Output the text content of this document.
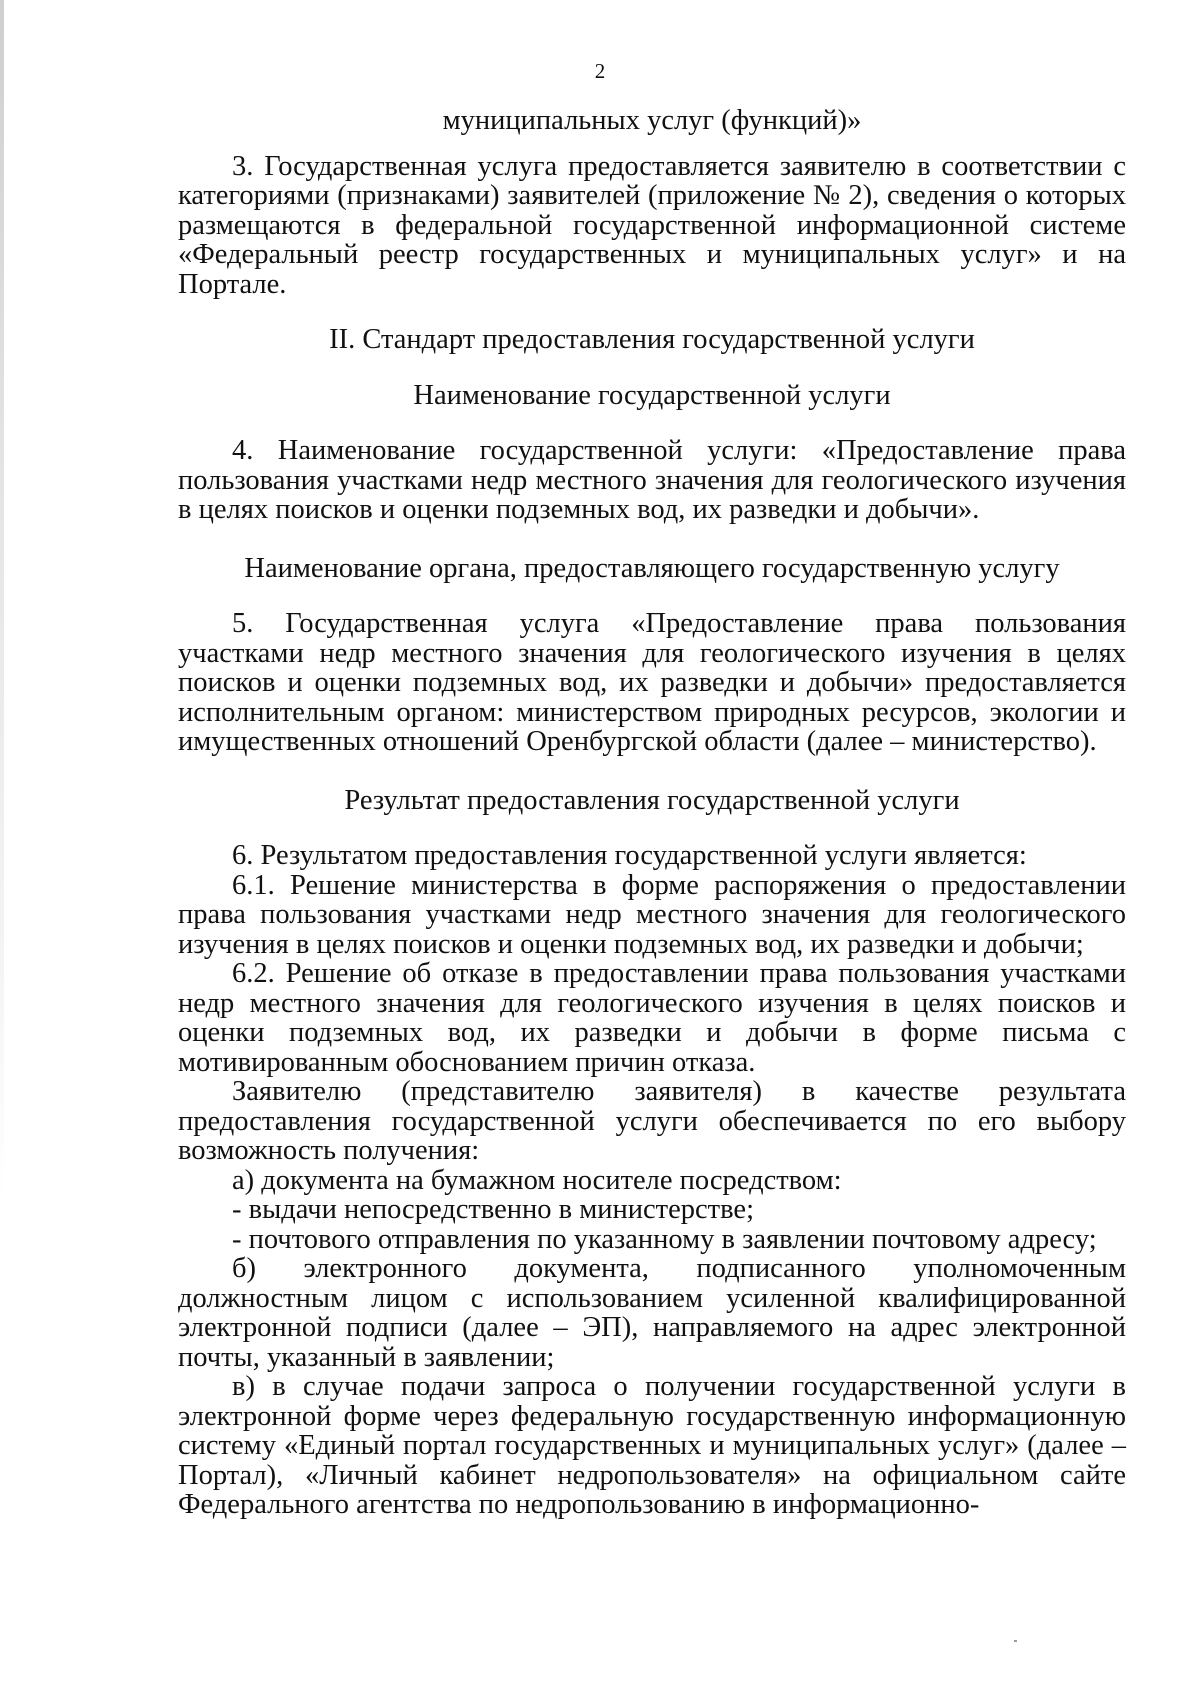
2

муниципальных услуг (функций)»

3. Государственная услуга предоставляется заявителю в соответствии с категориями (признаками) заявителей (приложение № 2), сведения о которых размещаются в федеральной государственной информационной системе «Федеральный реестр государственных и муниципальных услуг» и на Портале.

II. Стандарт предоставления государственной услуги

Наименование государственной услуги

4. Наименование государственной услуги: «Предоставление права пользования участками недр местного значения для геологического изучения в целях поисков и оценки подземных вод, их разведки и добычи».

Наименование органа, предоставляющего государственную услугу

5. Государственная услуга «Предоставление права пользования участками недр местного значения для геологического изучения в целях поисков и оценки подземных вод, их разведки и добычи» предоставляется исполнительным органом: министерством природных ресурсов, экологии и имущественных отношений Оренбургской области (далее – министерство).

Результат предоставления государственной услуги

6. Результатом предоставления государственной услуги является:

6.1. Решение министерства в форме распоряжения о предоставлении права пользования участками недр местного значения для геологического изучения в целях поисков и оценки подземных вод, их разведки и добычи;

6.2. Решение об отказе в предоставлении права пользования участками недр местного значения для геологического изучения в целях поисков и оценки подземных вод, их разведки и добычи в форме письма с мотивированным обоснованием причин отказа.

Заявителю (представителю заявителя) в качестве результата предоставления государственной услуги обеспечивается по его выбору возможность получения:

а) документа на бумажном носителе посредством:

- выдачи непосредственно в министерстве;

- почтового отправления по указанному в заявлении почтовому адресу;

б) электронного документа, подписанного уполномоченным должностным лицом с использованием усиленной квалифицированной электронной подписи (далее – ЭП), направляемого на адрес электронной почты, указанный в заявлении;

в) в случае подачи запроса о получении государственной услуги в электронной форме через федеральную государственную информационную систему «Единый портал государственных и муниципальных услуг» (далее – Портал), «Личный кабинет недропользователя» на официальном сайте Федерального агентства по недропользованию в информационно-
